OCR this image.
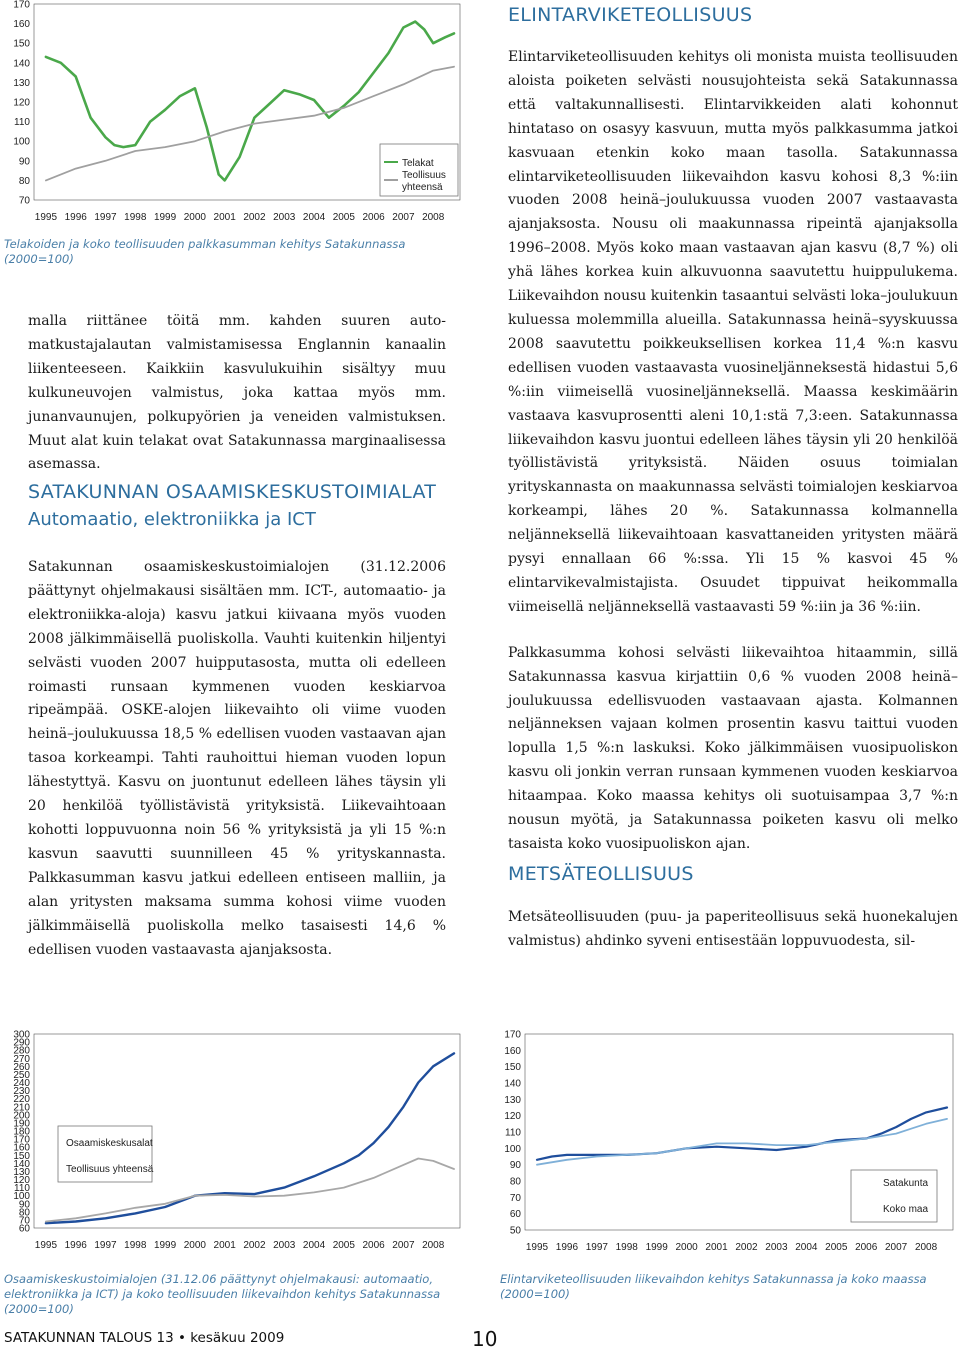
70
80
90
100
110
120
130
140
150
160
170
1995 1996 1997 1998 1999 2000 2001 2002 2003 2004 2005 2006 2007 2008
Telakat
Teollisuus
yhteensä
Telakoiden ja koko teollisuuden palkkasumman kehitys Satakunnassa (2000=100)

malla riittänee töitä mm. kahden suuren auto-matkustajalautan valmistamisessa Englannin kanaalin liikenteeseen. Kaikkiin kasvulukuihin sisältyy muu kulkuneuvojen valmistus, joka kattaa myös mm. junanvaunujen, polkupyörien ja veneiden valmistuksen. Muut alat kuin telakat ovat Satakunnassa marginaalisessa asemassa.

SATAKUNNAN OSAAMISKESKUSTOIMIALAT
Automaatio, elektroniikka ja ICT

Satakunnan osaamiskeskustoimialojen (31.12.2006 päättynyt ohjelmakausi sisältäen mm. ICT-, automaatio- ja elektroniikka-aloja) kasvu jatkui kiivaana myös vuoden 2008 jälkimmäisellä puoliskolla. Vauhti kuitenkin hiljentyi selvästi vuoden 2007 huipputasosta, mutta oli edelleen roimasti runsaan kymmenen vuoden keskiarvoa ripeämpää. OSKE-alojen liikevaihto oli viime vuoden heinä–joulukuussa 18,5 % edellisen vuoden vastaavan ajan tasoa korkeampi. Tahti rauhoittui hieman vuoden lopun lähestyttyä. Kasvu on juontunut edelleen lähes täysin yli 20 henkilöä työllistävistä yrityksistä. Liikevaihtoaan kohotti loppuvuonna noin 56 % yrityksistä ja yli 15 %:n kasvun saavutti suunnilleen 45 % yrityskannasta. Palkkasumman kasvu jatkui edelleen entiseen malliin, ja alan yritysten maksama summa kohosi viime vuoden jälkimmäisellä puoliskolla melko tasaisesti 14,6 % edellisen vuoden vastaavasta ajanjaksosta.

ELINTARVIKETEOLLISUUS

Elintarviketeollisuuden kehitys oli monista muista teollisuuden aloista poiketen selvästi nousujohteista sekä Satakunnassa että valtakunnallisesti. Elintarvikkeiden alati kohonnut hintataso on osasyy kasvuun, mutta myös palkkasumma jatkoi kasvuaan etenkin koko maan tasolla. Satakunnassa elintarviketeollisuuden liikevaihdon kasvu kohosi 8,3 %:iin vuoden 2008 heinä–joulukuussa vuoden 2007 vastaavasta ajanjaksosta. Nousu oli maakunnassa ripeintä ajanjaksolla 1996–2008. Myös koko maan vastaavan ajan kasvu (8,7 %) oli yhä lähes korkea kuin alkuvuonna saavutettu huippulukema. Liikevaihdon nousu kuitenkin tasaantui selvästi loka–joulukuun kuluessa molemmilla alueilla. Satakunnassa heinä–syyskuussa 2008 saavutettu poikkeuksellisen korkea 11,4 %:n kasvu edellisen vuoden vastaavasta vuosineljänneksestä hidastui 5,6 %:iin viimeisellä vuosineljänneksellä. Maassa keskimäärin vastaava kasvuprosentti aleni 10,1:stä 7,3:een. Satakunnassa liikevaihdon kasvu juontui edelleen lähes täysin yli 20 henkilöä työllistävistä yrityksistä. Näiden osuus toimialan yrityskannasta on maakunnassa selvästi toimialojen keskiarvoa korkeampi, lähes 20 %. Satakunnassa kolmannella neljänneksellä liikevaihtoaan kasvattaneiden yritysten määrä pysyi ennallaan 66 %:ssa. Yli 15 % kasvoi 45 % elintarvikevalmistajista. Osuudet tippuivat heikommalla viimeisellä neljänneksellä vastaavasti 59 %:iin ja 36 %:iin.

Palkkasumma kohosi selvästi liikevaihtoa hitaammin, sillä Satakunnassa kasvua kirjattiin 0,6 % vuoden 2008 heinä–joulukuussa edellisvuoden vastaavaan ajasta. Kolmannen neljänneksen vajaan kolmen prosentin kasvu taittui vuoden lopulla 1,5 %:n laskuksi. Koko jälkimmäisen vuosipuoliskon kasvu oli jonkin verran runsaan kymmenen vuoden keskiarvoa hitaampaa. Koko maassa kehitys oli suotuisampaa 3,7 %:n nousun myötä, ja Satakunnassa poiketen kasvu oli melko tasaista koko vuosipuoliskon ajan.

METSÄTEOLLISUUS

Metsäteollisuuden (puu- ja paperiteollisuus sekä huonekalujen valmistus) ahdinko syveni entisestään loppuvuodesta, sil-

60
70
80
90
100
110
120
130
140
150
160
170
180
190
200
210
220
230
240
250
260
270
280
290
300
1995 1996 1997 1998 1999 2000 2001 2002 2003 2004 2005 2006 2007 2008
Osaamiskeskusalat
Teollisuus yhteensä
Osaamiskeskustoimialojen (31.12.06 päättynyt ohjelmakausi: automaatio, elektroniikka ja ICT) ja koko teollisuuden liikevaihdon kehitys Satakunnassa (2000=100)
50
60
70
80
90
100
110
120
130
140
150
160
170
1995 1996 1997 1998 1999 2000 2001 2002 2003 2004 2005 2006 2007 2008
Satakunta
Koko maa
Elintarviketeollisuuden liikevaihdon kehitys Satakunnassa ja koko maassa (2000=100)
SATAKUNNAN TALOUS 13 • kesäkuu 2009	10
